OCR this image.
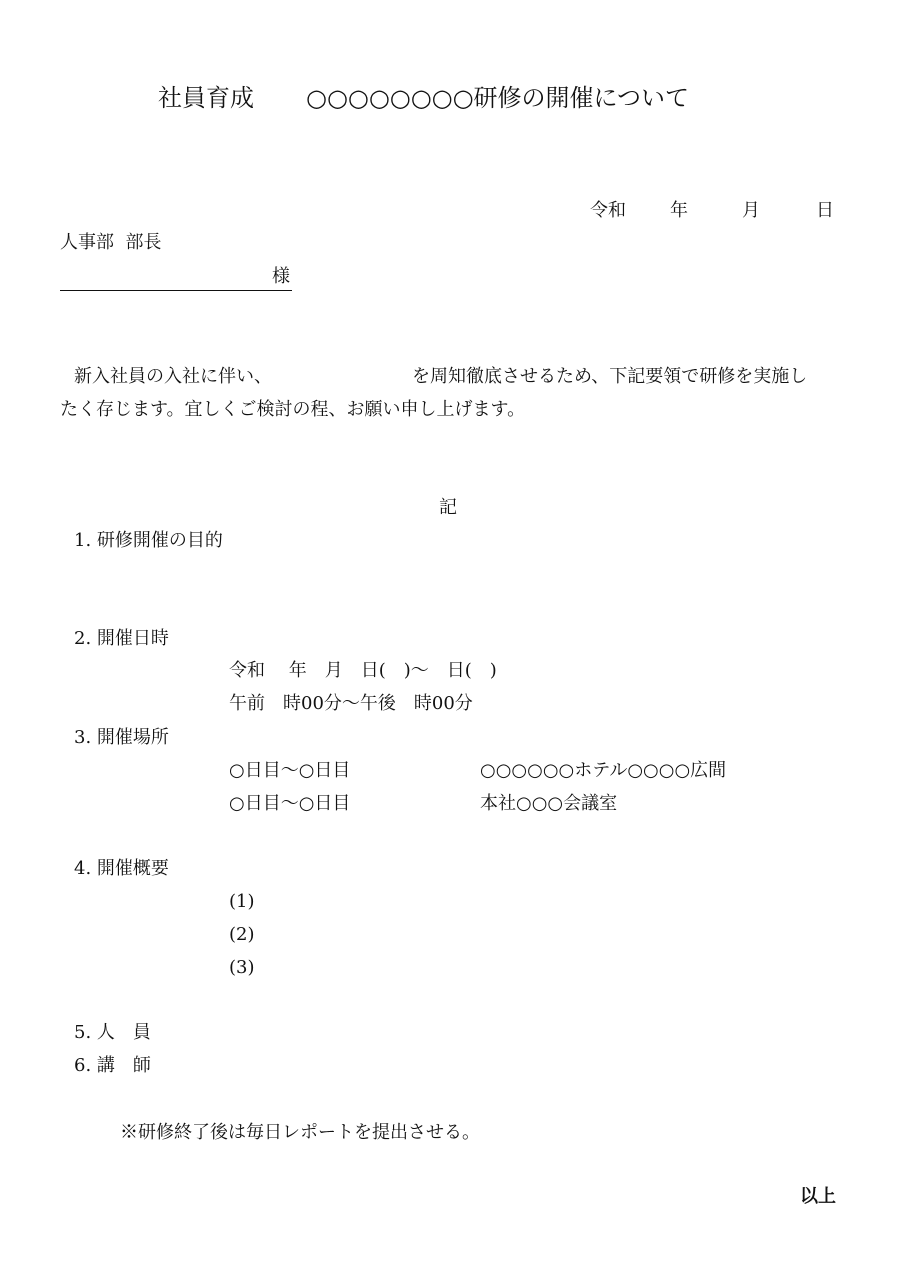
社員育成 ○○○○○○○○研修の開催について
令和 年	月	日
人事部 部長
様
新入社員の入社に伴い、	を周知徹底させるため、下記要領で研修を実施し
たく存じます。宜しくご検討の程、お願い申し上げます。
記
1. 研修開催の目的
2. 開催日時
令和　 年　月　日(　)～　日(　)
午前　時00分～午後　時00分
3. 開催場所
○日目～○日目	○○○○○○ホテル○○○○広間
○日目～○日目	本社○○○会議室
4. 開催概要
(1)
(2)
(3)
5. 人　員
6. 講　師
※研修終了後は毎日レポートを提出させる。
以上
